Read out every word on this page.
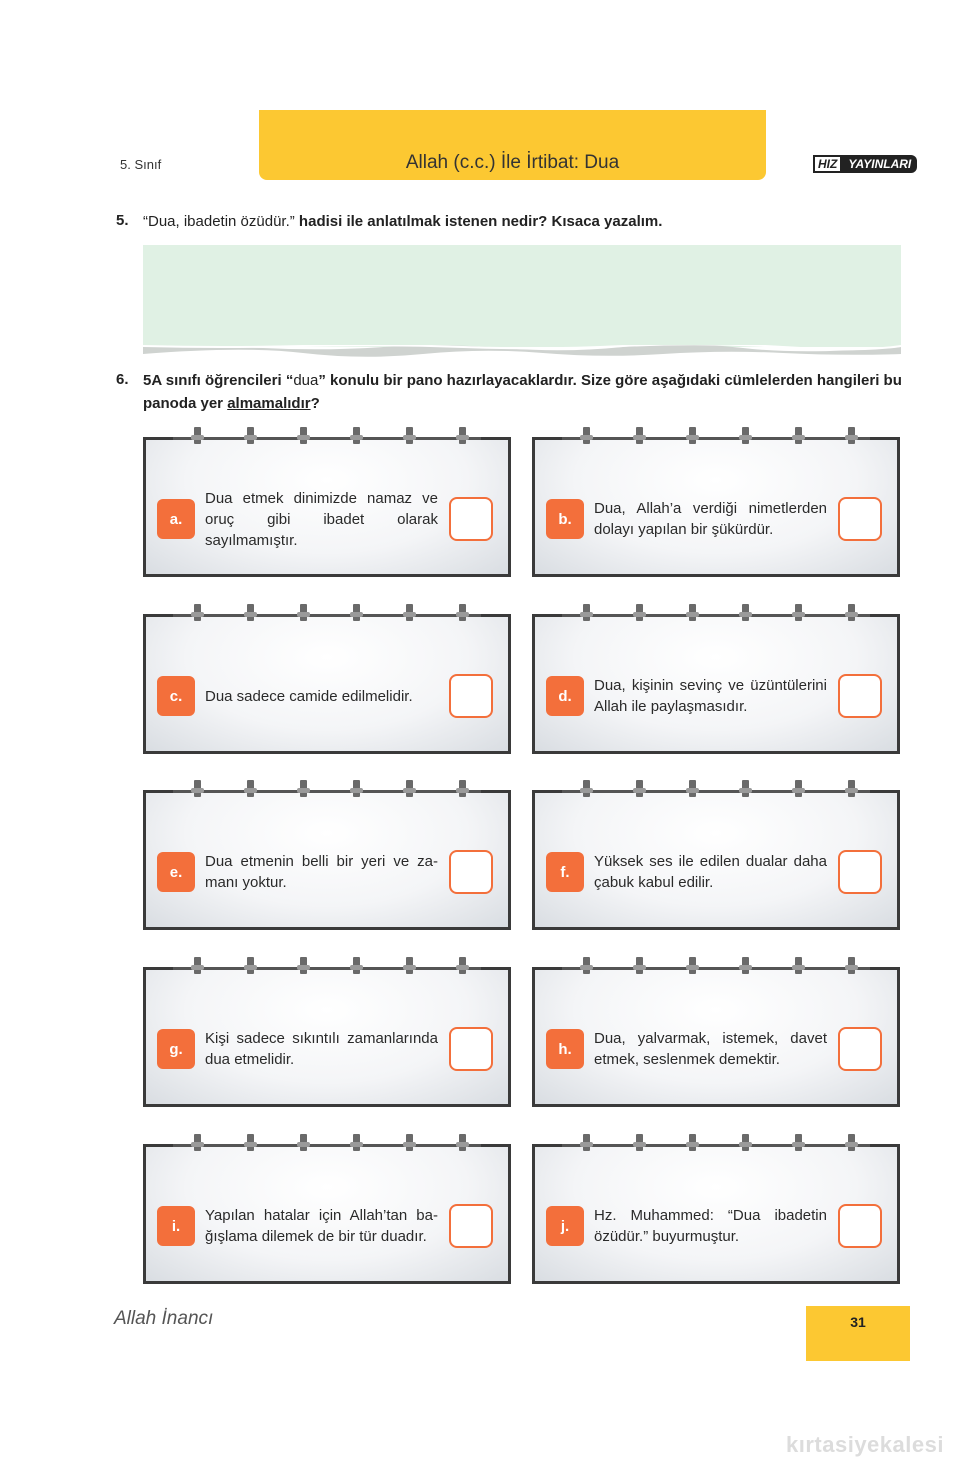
5. Sınıf	Allah (c.c.) İle İrtibat: Dua	HIZ YAYINLARI
5. “Dua, ibadetin özüdür.” hadisi ile anlatılmak istenen nedir? Kısaca yazalım.
6. 5A sınıfı öğrencileri “dua” konulu bir pano hazırlayacaklardır. Size göre aşağıdaki cümlelerden hangileri bu panoda yer almamalıdır?
a.
Dua etmek dinimizde namaz ve oruç gibi ibadet olarak sayılmamıştır.
b.
Dua, Allah’a verdiği nimetlerden dolayı yapılan bir şükürdür.
c.	Dua sadece camide edilmelidir.	d.
Dua, kişinin sevinç ve üzüntülerini Allah ile paylaşmasıdır.
e.
Dua etmenin belli bir yeri ve zamanı yoktur.
f.
Yüksek ses ile edilen dualar daha çabuk kabul edilir.
g.
Kişi sadece sıkıntılı zamanlarında dua etmelidir.
h.
Dua, yalvarmak, istemek, davet etmek, seslenmek demektir.
i.
Yapılan hatalar için Allah’tan bağışlama dilemek de bir tür duadır.
j.
Hz. Muhammed: “Dua ibadetin özüdür.” buyurmuştur.
Allah İnancı	31
kırtasiyekalesi
